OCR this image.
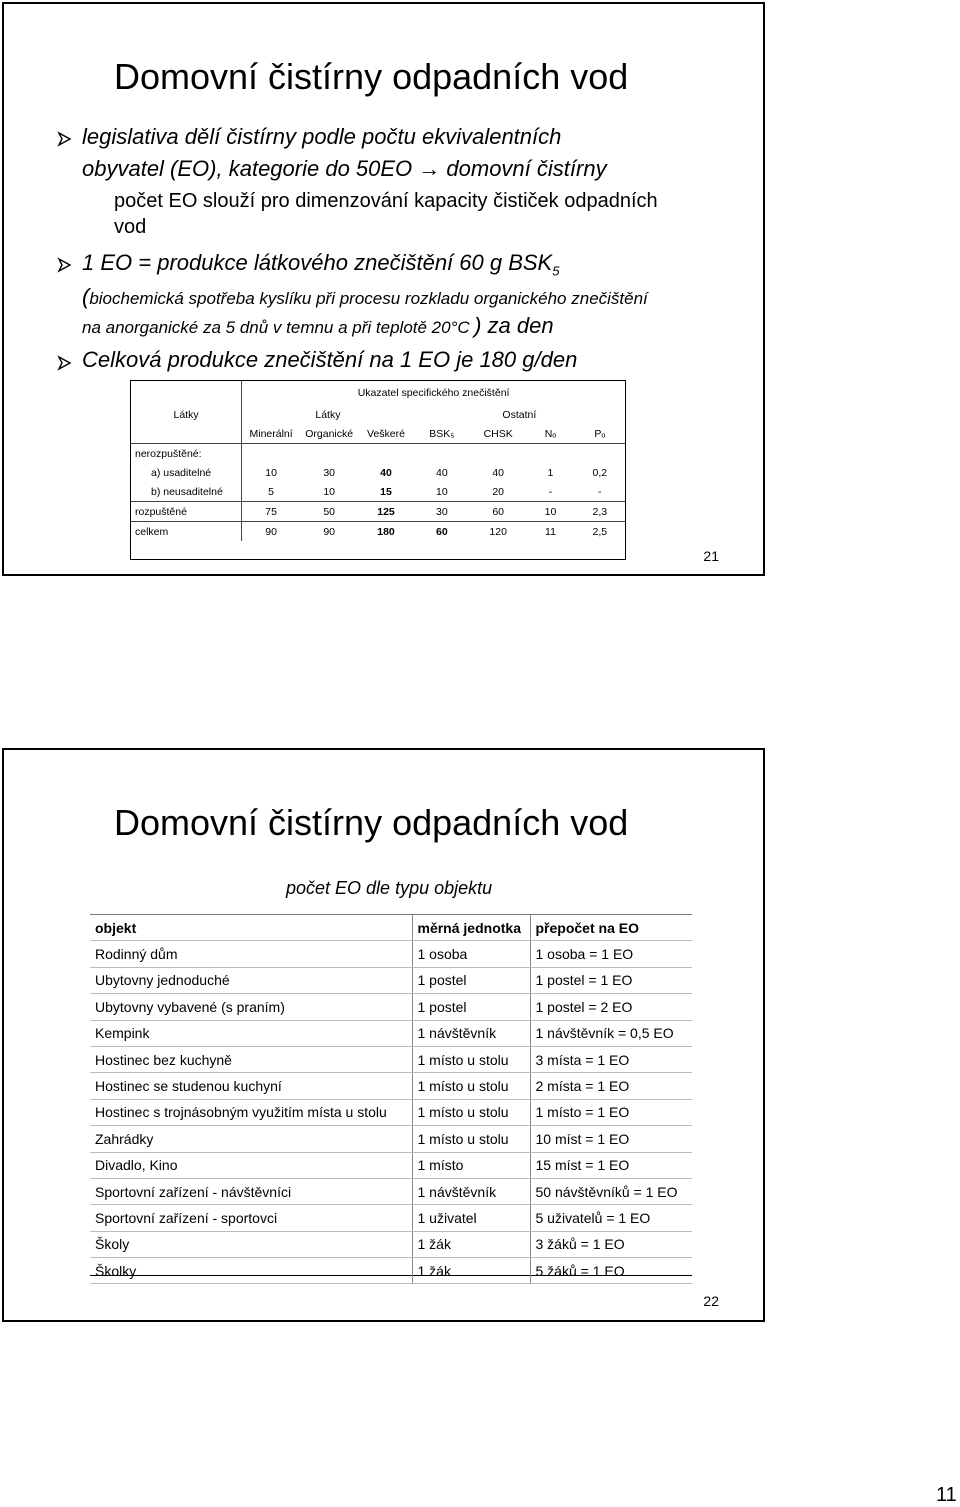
Domovní čistírny odpadních vod
legislativa dělí čistírny podle počtu ekvivalentních
obyvatel (EO), kategorie do 50EO → domovní čistírny
počet EO slouží pro dimenzování kapacity čističek odpadních
vod
1 EO = produkce látkového znečištění 60 g $BSK_5$
(biochemická spotřeba kyslíku při procesu rozkladu organického znečištění
na anorganické za 5 dnů v temnu a při teplotě 20°C ) za den
Celková produkce znečištění na 1 EO je 180 g/den
	Ukazatel specifického znečištění						
Látky	Látky			Ostatní			
	Minerální	Organické	Veškeré	BSK₅	CHSK	Nₒ	Pₒ
nerozpuštěné:							
a) usaditelné	10	30	40	40	40	1	0,2
b) neusaditelné	5	10	15	10	20	-	-
rozpuštěné	75	50	125	30	60	10	2,3
celkem	90	90	180	60	120	11	2,5
21
Domovní čistírny odpadních vod
počet EO dle typu objektu
objekt	měrná jednotka	přepočet na EO
Rodinný dům	1 osoba	1 osoba = 1 EO
Ubytovny jednoduché	1 postel	1 postel = 1 EO
Ubytovny vybavené (s praním)	1 postel	1 postel = 2 EO
Kempink	1 návštěvník	1 návštěvník = 0,5 EO
Hostinec bez kuchyně	1 místo u stolu	3 místa = 1 EO
Hostinec se studenou kuchyní	1 místo u stolu	2 místa = 1 EO
Hostinec s trojnásobným využitím místa u stolu	1 místo u stolu	1 místo = 1 EO
Zahrádky	1 místo u stolu	10 míst = 1 EO
Divadlo, Kino	1 místo	15 míst = 1 EO
Sportovní zařízení - návštěvníci	1 návštěvník	50 návštěvníků = 1 EO
Sportovní zařízení - sportovci	1 uživatel	5 uživatelů = 1 EO
Školy	1 žák	3 žáků = 1 EO
Školky	1 žák	5 žáků = 1 EO
22
11
